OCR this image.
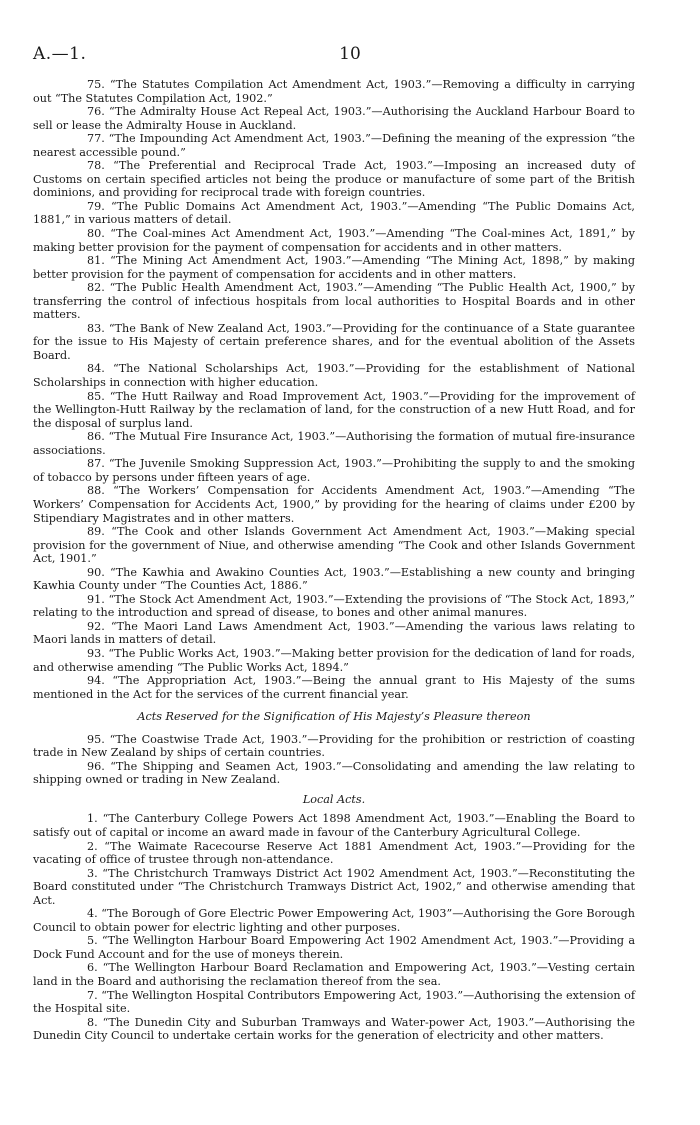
A.—1.	10

75. “The Statutes Compilation Act Amendment Act, 1903.”—Removing a difficulty in carrying out “The Statutes Compilation Act, 1902.”

76. “The Admiralty House Act Repeal Act, 1903.”—Authorising the Auckland Harbour Board to sell or lease the Admiralty House in Auckland.

77. “The Impounding Act Amendment Act, 1903.”—Defining the meaning of the expression “the nearest accessible pound.”

78. “The Preferential and Reciprocal Trade Act, 1903.”—Imposing an increased duty of Customs on certain specified articles not being the produce or manufacture of some part of the British dominions, and providing for reciprocal trade with foreign countries.

79. “The Public Domains Act Amendment Act, 1903.”—Amending “The Public Domains Act, 1881,” in various matters of detail.

80. “The Coal-mines Act Amendment Act, 1903.”—Amending “The Coal-mines Act, 1891,” by making better provision for the payment of compensation for accidents and in other matters.

81. “The Mining Act Amendment Act, 1903.”—Amending “The Mining Act, 1898,” by making better provision for the payment of compensation for accidents and in other matters.

82. “The Public Health Amendment Act, 1903.”—Amending “The Public Health Act, 1900,” by transferring the control of infectious hospitals from local authorities to Hospital Boards and in other matters.

83. “The Bank of New Zealand Act, 1903.”—Providing for the continuance of a State guarantee for the issue to His Majesty of certain preference shares, and for the eventual abolition of the Assets Board.

84. “The National Scholarships Act, 1903.”—Providing for the establishment of National Scholarships in connection with higher education.

85. “The Hutt Railway and Road Improvement Act, 1903.”—Providing for the improvement of the Wellington-Hutt Railway by the reclamation of land, for the construction of a new Hutt Road, and for the disposal of surplus land.

86. “The Mutual Fire Insurance Act, 1903.”—Authorising the formation of mutual fire-insurance associations.

87. “The Juvenile Smoking Suppression Act, 1903.”—Prohibiting the supply to and the smoking of tobacco by persons under fifteen years of age.

88. “The Workers’ Compensation for Accidents Amendment Act, 1903.”—Amending “The Workers’ Compensation for Accidents Act, 1900,” by providing for the hearing of claims under £200 by Stipendiary Magistrates and in other matters.

89. “The Cook and other Islands Government Act Amendment Act, 1903.”—Making special provision for the government of Niue, and otherwise amending “The Cook and other Islands Government Act, 1901.”

90. “The Kawhia and Awakino Counties Act, 1903.”—Establishing a new county and bringing Kawhia County under “The Counties Act, 1886.”

91. “The Stock Act Amendment Act, 1903.”—Extending the provisions of “The Stock Act, 1893,” relating to the introduction and spread of disease, to bones and other animal manures.

92. “The Maori Land Laws Amendment Act, 1903.”—Amending the various laws relating to Maori lands in matters of detail.

93. “The Public Works Act, 1903.”—Making better provision for the dedication of land for roads, and otherwise amending “The Public Works Act, 1894.”

94. “The Appropriation Act, 1903.”—Being the annual grant to His Majesty of the sums mentioned in the Act for the services of the current financial year.

Acts Reserved for the Signification of His Majesty’s Pleasure thereon

95. “The Coastwise Trade Act, 1903.”—Providing for the prohibition or restriction of coasting trade in New Zealand by ships of certain countries.

96. “The Shipping and Seamen Act, 1903.”—Consolidating and amending the law relating to shipping owned or trading in New Zealand.

Local Acts.

1. “The Canterbury College Powers Act 1898 Amendment Act, 1903.”—Enabling the Board to satisfy out of capital or income an award made in favour of the Canterbury Agricultural College.

2. “The Waimate Racecourse Reserve Act 1881 Amendment Act, 1903.”—Providing for the vacating of office of trustee through non-attendance.

3. “The Christchurch Tramways District Act 1902 Amendment Act, 1903.”—Reconstituting the Board constituted under “The Christchurch Tramways District Act, 1902,” and otherwise amending that Act.

4. “The Borough of Gore Electric Power Empowering Act, 1903”—Authorising the Gore Borough Council to obtain power for electric lighting and other purposes.

5. “The Wellington Harbour Board Empowering Act 1902 Amendment Act, 1903.”—Providing a Dock Fund Account and for the use of moneys therein.

6. “The Wellington Harbour Board Reclamation and Empowering Act, 1903.”—Vesting certain land in the Board and authorising the reclamation thereof from the sea.

7. “The Wellington Hospital Contributors Empowering Act, 1903.”—Authorising the extension of the Hospital site.

8. “The Dunedin City and Suburban Tramways and Water-power Act, 1903.”—Authorising the Dunedin City Council to undertake certain works for the generation of electricity and other matters.
